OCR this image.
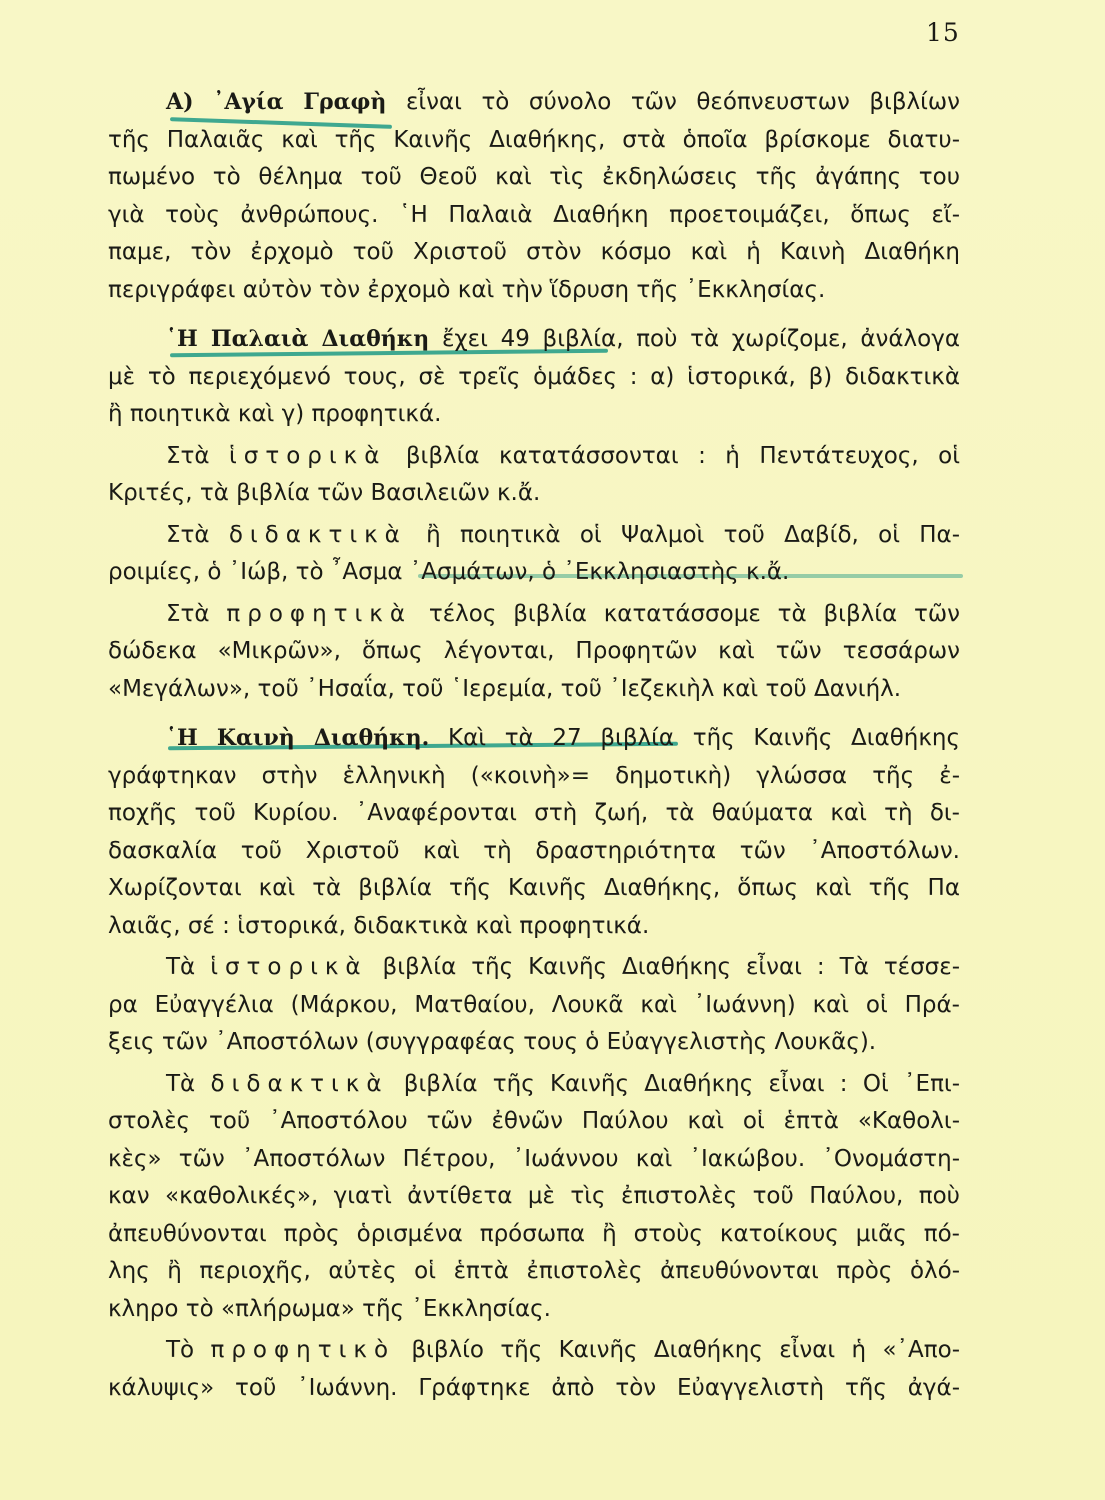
15
Α) ᾿Αγία Γραφὴ εἶναι τὸ σύνολο τῶν θεόπνευστων βιβλίων
τῆς Παλαιᾶς καὶ τῆς Καινῆς Διαθήκης, στὰ ὁποῖα βρίσκομε διατυ-
πωμένο τὸ θέλημα τοῦ Θεοῦ καὶ τὶς ἐκδηλώσεις τῆς ἀγάπης του
γιὰ τοὺς ἀνθρώπους. ῾Η Παλαιὰ Διαθήκη προετοιμάζει, ὅπως εἴ-
παμε, τὸν ἐρχομὸ τοῦ Χριστοῦ στὸν κόσμο καὶ ἡ Καινὴ Διαθήκη
περιγράφει αὐτὸν τὸν ἐρχομὸ καὶ τὴν ἵδρυση τῆς ᾿Εκκλησίας.
῾Η Παλαιὰ Διαθήκη ἔχει 49 βιβλία, ποὺ τὰ χωρίζομε, ἀνάλογα
μὲ τὸ περιεχόμενό τους, σὲ τρεῖς ὁμάδες : α) ἱστορικά, β) διδακτικὰ
ἢ ποιητικὰ καὶ γ) προφητικά.
Στὰ ἱστορικὰ βιβλία κατατάσσονται : ἡ Πεντάτευχος, οἱ
Κριτές, τὰ βιβλία τῶν Βασιλειῶν κ.ἄ.
Στὰ διδακτικὰ ἢ ποιητικὰ οἱ Ψαλμοὶ τοῦ Δαβίδ, οἱ Πα-
ροιμίες, ὁ ᾿Ιώβ, τὸ ῏Ασμα ᾿Ασμάτων, ὁ ᾿Εκκλησιαστὴς κ.ἄ.
Στὰ προφητικὰ τέλος βιβλία κατατάσσομε τὰ βιβλία τῶν
δώδεκα «Μικρῶν», ὅπως λέγονται, Προφητῶν καὶ τῶν τεσσάρων
«Μεγάλων», τοῦ ᾿Ησαΐα, τοῦ ῾Ιερεμία, τοῦ ᾿Ιεζεκιὴλ καὶ τοῦ Δανιήλ.
῾Η Καινὴ Διαθήκη. Καὶ τὰ 27 βιβλία τῆς Καινῆς Διαθήκης
γράφτηκαν στὴν ἑλληνικὴ («κοινὴ»= δημοτικὴ) γλώσσα τῆς ἐ-
ποχῆς τοῦ Κυρίου. ᾿Αναφέρονται στὴ ζωή, τὰ θαύματα καὶ τὴ δι-
δασκαλία τοῦ Χριστοῦ καὶ τὴ δραστηριότητα τῶν ᾿Αποστόλων.
Χωρίζονται καὶ τὰ βιβλία τῆς Καινῆς Διαθήκης, ὅπως καὶ τῆς Πα
λαιᾶς, σέ : ἱστορικά, διδακτικὰ καὶ προφητικά.
Τὰ ἱστορικὰ βιβλία τῆς Καινῆς Διαθήκης εἶναι : Τὰ τέσσε-
ρα Εὐαγγέλια (Μάρκου, Ματθαίου, Λουκᾶ καὶ ᾿Ιωάννη) καὶ οἱ Πρά-
ξεις τῶν ᾿Αποστόλων (συγγραφέας τους ὁ Εὐαγγελιστὴς Λουκᾶς).
Τὰ διδακτικὰ βιβλία τῆς Καινῆς Διαθήκης εἶναι : Οἱ ᾿Επι-
στολὲς τοῦ ᾿Αποστόλου τῶν ἐθνῶν Παύλου καὶ οἱ ἑπτὰ «Καθολι-
κὲς» τῶν ᾿Αποστόλων Πέτρου, ᾿Ιωάννου καὶ ᾿Ιακώβου. ᾿Ονομάστη-
καν «καθολικές», γιατὶ ἀντίθετα μὲ τὶς ἐπιστολὲς τοῦ Παύλου, ποὺ
ἀπευθύνονται πρὸς ὁρισμένα πρόσωπα ἢ στοὺς κατοίκους μιᾶς πό-
λης ἢ περιοχῆς, αὐτὲς οἱ ἑπτὰ ἐπιστολὲς ἀπευθύνονται πρὸς ὁλό-
κληρο τὸ «πλήρωμα» τῆς ᾿Εκκλησίας.
Τὸ προφητικὸ βιβλίο τῆς Καινῆς Διαθήκης εἶναι ἡ «᾿Απο-
κάλυψις» τοῦ ᾿Ιωάννη. Γράφτηκε ἀπὸ τὸν Εὐαγγελιστὴ τῆς ἀγά-
